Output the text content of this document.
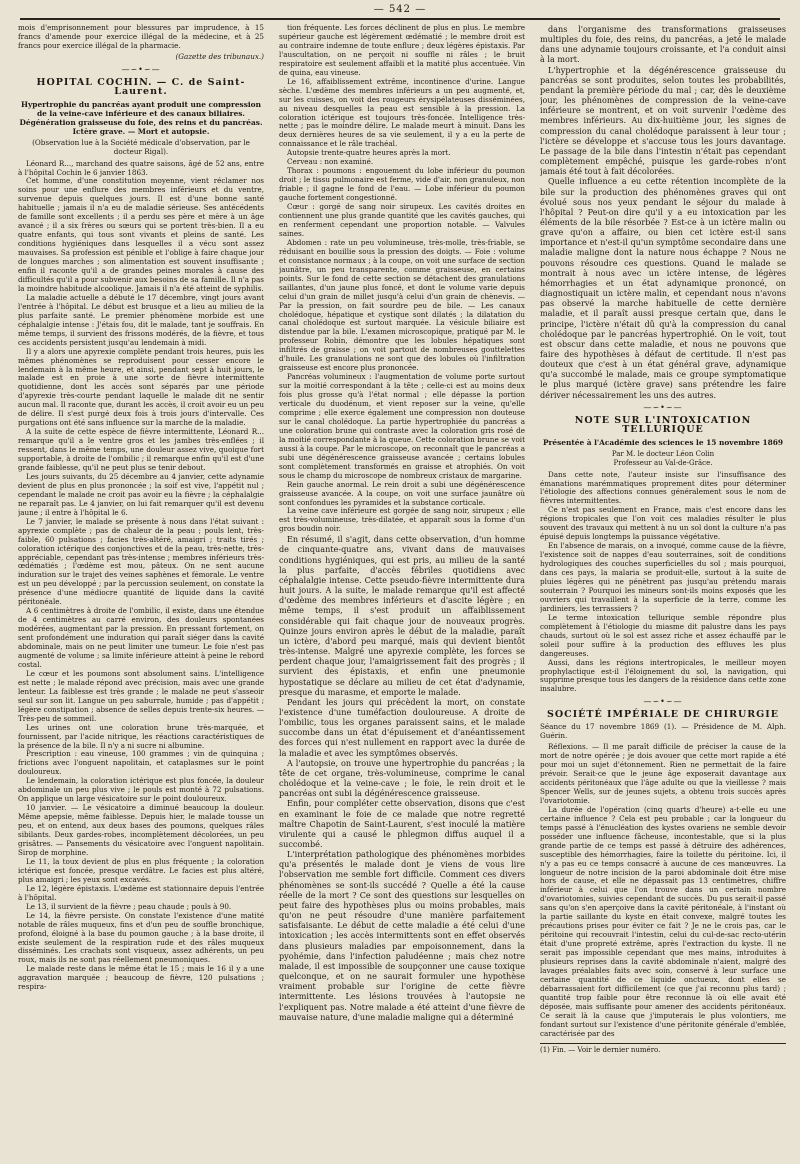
— 542 —

mois d'emprisonnement pour blessures par imprudence, à 15 francs d'amende pour exercice illégal de la médecine, et à 25 francs pour exercice illégal de la pharmacie.

(Gazette des tribunaux.)
—∽•∽—
HOPITAL COCHIN. — C. de Saint-Laurent.
Hypertrophie du pancréas ayant produit une compression de la veine-cave inférieure et des canaux biliaires. Dégénération graisseuse du foie, des reins et du pancréas. Ictère grave. — Mort et autopsie.
(Observation lue à la Société médicale d'observation, par le docteur Rigal).

Léonard R..., marchand des quatre saisons, âgé de 52 ans, entre à l'hôpital Cochin le 6 janvier 1863.

Cet homme, d'une constitution moyenne, vient réclamer nos soins pour une enflure des membres inférieurs et du ventre, survenue depuis quelques jours. Il est d'une bonne santé habituelle ; jamais il n'a eu de maladie sérieuse. Ses antécédents de famille sont excellents ; il a perdu ses père et mère à un âge avancé ; il a six frères ou sœurs qui se portent très-bien. Il a eu quatre enfants, qui tous sont vivants et pleins de santé. Les conditions hygiéniques dans lesquelles il a vécu sont assez mauvaises. Sa profession est pénible et l'oblige à faire chaque jour de longues marches ; son alimentation est souvent insuffisante ; enfin il raconte qu'il a de grandes peines morales à cause des difficultés qu'il a pour subvenir aux besoins de sa famille. Il n'a pas la moindre habitude alcoolique. Jamais il n'a été atteint de syphilis.

La maladie actuelle a débuté le 17 décembre, vingt jours avant l'entrée à l'hôpital. Le début est brusque et a lieu au milieu de la plus parfaite santé. Le premier phénomène morbide est une céphalalgie intense : J'étais fou, dit le malade, tant je souffrais. En même temps, il survient des frissons modérés, de la fièvre, et tous ces accidents persistent jusqu'au lendemain à midi.

Il y a alors une apyrexie complète pendant trois heures, puis les mêmes phénomènes se reproduisent pour cesser encore le lendemain à la même heure, et ainsi, pendant sept à huit jours, le malade est en proie à une sorte de fièvre intermittente quotidienne, dont les accès sont séparés par une période d'apyrexie très-courte pendant laquelle le malade dit ne sentir aucun mal. Il raconte que, durant les accès, il croit avoir eu un peu de délire. Il s'est purgé deux fois à trois jours d'intervalle. Ces purgations ont été sans influence sur la marche de la maladie.

A la suite de cette espèce de fièvre intermittente, Léonard R... remarque qu'il a le ventre gros et les jambes très-enflées ; il ressent, dans le même temps, une douleur assez vive, quoique fort supportable, à droite de l'ombilic ; il remarque enfin qu'il est d'une grande faiblesse, qu'il ne peut plus se tenir debout.

Les jours suivants, du 25 décembre au 4 janvier, cette adynamie devient de plus en plus prononcée ; la soif est vive, l'appétit nul ; cependant le malade ne croit pas avoir eu la fièvre ; la céphalalgie ne reparaît pas. Le 4 janvier, on lui fait remarquer qu'il est devenu jaune ; il entre à l'hôpital le 6.

Le 7 janvier, le malade se présente à nous dans l'état suivant : apyrexie complète ; pas de chaleur de la peau ; pouls lent, très-faible, 60 pulsations ; facies très-altéré, amaigri ; traits tirés ; coloration ictérique des conjonctives et de la peau, très-nette, très-appréciable, cependant pas très-intense ; membres inférieurs très-œdématiés ; l'œdème est mou, pâteux. On ne sent aucune induration sur le trajet des veines saphènes et fémorale. Le ventre est un peu développé ; par la percussion seulement, on constate la présence d'une médiocre quantité de liquide dans la cavité péritonéale.

A 6 centimètres à droite de l'ombilic, il existe, dans une étendue de 4 centimètres au carré environ, des douleurs spontanées modérées, augmentant par la pression. En pressant fortement, on sent profondément une induration qui paraît siéger dans la cavité abdominale, mais on ne peut limiter une tumeur. Le foie n'est pas augmenté de volume ; sa limite inférieure atteint à peine le rebord costal.

Le cœur et les poumons sont absolument sains. L'intelligence est nette ; le malade répond avec précision, mais avec une grande lenteur. La faiblesse est très grande ; le malade ne peut s'asseoir seul sur son lit. Langue un peu saburrale, humide ; pas d'appétit ; légère constipation ; absence de selles depuis trente-six heures. — Très-peu de sommeil.

Les urines ont une coloration brune très-marquée, et fournissent, par l'acide nitrique, les réactions caractéristiques de la présence de la bile. Il n'y a ni sucre ni albumine.

Prescription : eau vineuse, 100 grammes ; vin de quinquina ; frictions avec l'onguent napolitain, et cataplasmes sur le point douloureux.

Le lendemain, la coloration ictérique est plus foncée, la douleur abdominale un peu plus vive ; le pouls est monté à 72 pulsations. On applique un large vésicatoire sur le point douloureux.

10 janvier. — Le vésicatoire a diminué beaucoup la douleur. Même apepsie, même faiblesse. Depuis hier, le malade tousse un peu, et on entend, aux deux bases des poumons, quelques râles sibilants. Deux gardes-robes, incomplètement décolorées, un peu grisâtres. — Pansements du vésicatoire avec l'onguent napolitain. Sirop de morphine.

Le 11, la toux devient de plus en plus fréquente ; la coloration ictérique est foncée, presque verdâtre. Le facies est plus altéré, plus amaigri ; les yeux sont excavés.

Le 12, légère épistaxis. L'œdème est stationnaire depuis l'entrée à l'hôpital.

Le 13, il survient de la fièvre ; peau chaude ; pouls à 90.

Le 14, la fièvre persiste. On constate l'existence d'une matité notable de râles muqueux, fins et d'un peu de souffle bronchique, profond, éloigné à la base du poumon gauche ; à la base droite, il existe seulement de la respiration rude et des râles muqueux disséminés. Les crachats sont visqueux, assez adhérents, un peu roux, mais ils ne sont pas réellement pneumoniques.

Le malade reste dans le même état le 15 ; mais le 16 il y a une aggravation marquée ; beaucoup de fièvre, 120 pulsations ; respira-

tion fréquente. Les forces déclinent de plus en plus. Le membre supérieur gauche est légèrement œdématié ; le membre droit est au contraire indemne de toute enflure ; deux légères épistaxis. Par l'auscultation, on ne perçoit ni souffle ni râles ; le bruit respiratoire est seulement affaibli et la matité plus accentuée. Vin de quina, eau vineuse.

Le 16, affaiblissement extrême, incontinence d'urine. Langue sèche. L'œdème des membres inférieurs a un peu augmenté, et, sur les cuisses, on voit des rougeurs érysipélateuses disséminées, au niveau desquelles la peau est sensible à la pression. La coloration ictérique est toujours très-foncée. Intelligence très-nette ; pas le moindre délire. Le malade meurt à minuit. Dans les deux dernières heures de sa vie seulement, il y a eu la perte de connaissance et le râle trachéal.

Autopsie trente-quatre heures après la mort.

Cerveau : non examiné.

Thorax : poumons : engouement du lobe inférieur du poumon droit ; le tissu pulmonaire est ferme, vide d'air, non granuleux, non friable ; il gagne le fond de l'eau. — Lobe inférieur du poumon gauche fortement congestionné.

Cœur : gorgé de sang noir sirupeux. Les cavités droites en contiennent une plus grande quantité que les cavités gauches, qui en renferment cependant une proportion notable. — Valvules saines.

Abdomen : rate un peu volumineuse, très-molle, très-friable, se réduisant en bouillie sous la pression des doigts. — Foie : volume et consistance normaux ; à la coupe, on voit une surface de section jaunâtre, un peu transparente, comme graisseuse, en certains points. Sur le fond de cette section se détachent des granulations saillantes, d'un jaune plus foncé, et dont le volume varie depuis celui d'un grain de millet jusqu'à celui d'un grain de chènevis. — Par la pression, on fait sourdre peu de bile. — Les canaux cholédoque, hépatique et cystique sont dilatés ; la dilatation du canal cholédoque est surtout marquée. La vésicule biliaire est distendue par la bile. L'examen microscopique, pratiqué par M. le professeur Robin, démontre que les lobules hépatiques sont infiltrés de graisse ; on voit partout de nombreuses gouttelettes d'huile. Les granulations ne sont que des lobules où l'infiltration graisseuse est encore plus prononcée.

Pancréas volumineux : l'augmentation de volume porte surtout sur la moitié correspondant à la tête ; celle-ci est au moins deux fois plus grosse qu'à l'état normal ; elle dépasse la portion verticale du duodénum, et vient reposer sur la veine, qu'elle comprime ; elle exerce également une compression non douteuse sur le canal cholédoque. La partie hypertrophiée du pancréas a une coloration brune qui contraste avec la coloration gris rosé de la moitié correspondante à la queue. Cette coloration brune se voit aussi à la coupe. Par le microscope, on reconnaît que le pancréas a subi une dégénérescence graisseuse avancée ; certains lobules sont complètement transformés en graisse et atrophiés. On voit sous le champ du microscope de nombreux cristaux de margarine.

Rein gauche anormal. Le rein droit a subi une dégénérescence graisseuse avancée. A la coupe, on voit une surface jaunâtre où sont confondues les pyramides et la substance corticale.

La veine cave inférieure est gorgée de sang noir, sirupeux ; elle est très-volumineuse, très-dilatée, et apparaît sous la forme d'un gros boudin noir.

En résumé, il s'agit, dans cette observation, d'un homme de cinquante-quatre ans, vivant dans de mauvaises conditions hygiéniques, qui est pris, au milieu de la santé la plus parfaite, d'accès fébriles quotidiens avec céphalalgie intense. Cette pseudo-fièvre intermittente dura huit jours. A la suite, le malade remarque qu'il est affecté d'œdème des membres inférieurs et d'ascite légère ; en même temps, il s'est produit un affaiblissement considérable qui fait chaque jour de nouveaux progrès. Quinze jours environ après le début de la maladie, paraît un ictère, d'abord peu marqué, mais qui devient bientôt très-intense. Malgré une apyrexie complète, les forces se perdent chaque jour, l'amaigrissement fait des progrès ; il survient des épistaxis, et enfin une pneumonie hypostatique se déclare au milieu de cet état d'adynamie, presque du marasme, et emporte le malade.

Pendant les jours qui précèdent la mort, on constate l'existence d'une tuméfaction douloureuse. A droite de l'ombilic, tous les organes paraissent sains, et le malade succombe dans un état d'épuisement et d'anéantissement des forces qui n'est nullement en rapport avec la durée de la maladie et avec les symptômes observés.

A l'autopsie, on trouve une hypertrophie du pancréas ; la tête de cet organe, très-volumineuse, comprime le canal cholédoque et la veine-cave ; le foie, le rein droit et le pancréas ont subi la dégénérescence graisseuse.

Enfin, pour compléter cette observation, disons que c'est en examinant le foie de ce malade que notre regretté maître Chapotin de Saint-Laurent, s'est inoculé la matière virulente qui a causé le phlegmon diffus auquel il a succombé.

L'interprétation pathologique des phénomènes morbides qu'a présentés le malade dont je viens de vous lire l'observation me semble fort difficile. Comment ces divers phénomènes se sont-ils succédé ? Quelle a été la cause réelle de la mort ? Ce sont des questions sur lesquelles on peut faire des hypothèses plus ou moins probables, mais qu'on ne peut résoudre d'une manière parfaitement satisfaisante. Le début de cette maladie a été celui d'une intoxication ; les accès intermittents sont en effet observés dans plusieurs maladies par empoisonnement, dans la pyohémie, dans l'infection paludéenne ; mais chez notre malade, il est impossible de soupçonner une cause toxique quelconque, et on ne saurait formuler une hypothèse vraiment probable sur l'origine de cette fièvre intermittente. Les lésions trouvées à l'autopsie ne l'expliquent pas. Notre malade a été atteint d'une fièvre de mauvaise nature, d'une maladie maligne qui a déterminé

dans l'organisme des transformations graisseuses multiples du foie, des reins, du pancréas, a jeté le malade dans une adynamie toujours croissante, et l'a conduit ainsi à la mort.

L'hypertrophie et la dégénérescence graisseuse du pancréas se sont produites, selon toutes les probabilités, pendant la première période du mal ; car, dès le deuxième jour, les phénomènes de compression de la veine-cave inférieure se montrent, et on voit survenir l'œdème des membres inférieurs. Au dix-huitième jour, les signes de compression du canal cholédoque paraissent à leur tour ; l'ictère se développe et s'accuse tous les jours davantage. Le passage de la bile dans l'intestin n'était pas cependant complètement empêché, puisque les garde-robes n'ont jamais été tout à fait décolorées.

Quelle influence a eu cette rétention incomplète de la bile sur la production des phénomènes graves qui ont évolué sous nos yeux pendant le séjour du malade à l'hôpital ? Peut-on dire qu'il y a eu intoxication par les éléments de la bile résorbée ? Est-ce à un ictère malin ou grave qu'on a affaire, ou bien cet ictère est-il sans importance et n'est-il qu'un symptôme secondaire dans une maladie maligne dont la nature nous échappe ? Nous ne pouvons résoudre ces questions. Quand le malade se montrait à nous avec un ictère intense, de légères hémorrhagies et un état adynamique prononcé, on diagnostiquait un ictère malin, et cependant nous n'avons pas observé la marche habituelle de cette dernière maladie, et il paraît aussi presque certain que, dans le principe, l'ictère n'était dû qu'à la compression du canal cholédoque par le pancréas hypertrophié. On le voit, tout est obscur dans cette maladie, et nous ne pouvons que faire des hypothèses à défaut de certitude. Il n'est pas douteux que c'est à un état général grave, adynamique qu'a succombé le malade, mais ce groupe symptomatique le plus marqué (ictère grave) sans prétendre les faire dériver nécessairement les uns des autres.

—∽•∽—
NOTE SUR L'INTOXICATION TELLURIQUE
Présentée à l'Académie des sciences le 15 novembre 1869
Par M. le docteur Léon Colin
Professeur au Val-de-Grâce.

Dans cette note, l'auteur insiste sur l'insuffisance des émanations marémmatiques proprement dites pour déterminer l'étiologie des affections connues généralement sous le nom de fièvres intermittentes.

Ce n'est pas seulement en France, mais c'est encore dans les régions tropicales que l'on voit ces maladies résulter le plus souvent des travaux qui mettent à nu un sol dont la culture n'a pas épuisé depuis longtemps la puissance végétative.

En l'absence de marais, on a invoqué, comme cause de la fièvre, l'existence soit de nappes d'eau souterraines, soit de conditions hydrologiques des couches superficielles du sol ; mais pourquoi, dans ces pays, la malaria se produit-elle, surtout à la suite de pluies légères qui ne pénètrent pas jusqu'au prétendu marais souterrain ? Pourquoi les mineurs sont-ils moins exposés que les ouvriers qui travaillent à la superficie de la terre, comme les jardiniers, les terrassiers ?

Le terme intoxication tellurique semble répondre plus complètement à l'étiologie du miasme dit palustre dans les pays chauds, surtout où le sol est assez riche et assez échauffé par le soleil pour suffire à la production des effluves les plus dangereuses.

Aussi, dans les régions intertropicales, le meilleur moyen prophylactique est-il l'éloignement du sol, la navigation, qui supprime presque tous les dangers de la résidence dans cette zone insalubre.

—∽•∽—
SOCIÉTÉ IMPÉRIALE DE CHIRURGIE

Séance du 17 novembre 1869 (1). — Présidence de M. Alph. Guérin.

Réflexions. — Il me paraît difficile de préciser la cause de la mort de notre opérée ; je dois avouer que cette mort rapide a été pour moi un sujet d'étonnement. Rien ne permettait de la faire prévoir. Serait-ce que le jeune âge exposerait davantage aux accidents péritonéaux que l'âge adulte ou que la vieillesse ? mais Spencer Wells, sur de jeunes sujets, a obtenu trois succès après l'ovariotomie.

La durée de l'opération (cinq quarts d'heure) a-t-elle eu une certaine influence ? Cela est peu probable ; car la longueur du temps passé à l'énucléation des kystes ovariens ne semble devoir posséder une influence fâcheuse, incontestable, que si la plus grande partie de ce temps est passé à détruire des adhérences, susceptible des hémorrhagies, faire la toilette du péritoine. Ici, il n'y a pas eu ce temps consacré à aucune de ces manœuvres. La longueur de notre incision de la paroi abdominale doit être mise hors de cause, et elle ne dépassait pas 13 centimètres, chiffre inférieur à celui que l'on trouve dans un certain nombre d'ovariotomies, suivies cependant de succès. Du pus serait-il passé sans qu'on s'en aperçoive dans la cavité péritonéale, à l'instant où la partie saillante du kyste en était convexe, malgré toutes les précautions prises pour éviter ce fait ? Je ne le crois pas, car le péritoine qui recouvrait l'intestin, celui du cul-de-sac recto-utérin était d'une propreté extrême, après l'extraction du kyste. Il ne serait pas impossible cependant que mes mains, introduites à plusieurs reprises dans la cavité abdominale n'aient, malgré des lavages préalables faits avec soin, conservé à leur surface une certaine quantité de ce liquide onctueux, dont elles se débarrassaient fort difficilement (ce que j'ai reconnu plus tard) ; quantité trop faible pour être reconnue là où elle avait été déposée, mais suffisante pour amener des accidents péritonéaux. Ce serait là la cause que j'imputerais le plus volontiers, me fondant surtout sur l'existence d'une péritonite générale d'emblée, caractérisée par des

(1) Fin. — Voir le dernier numéro.
